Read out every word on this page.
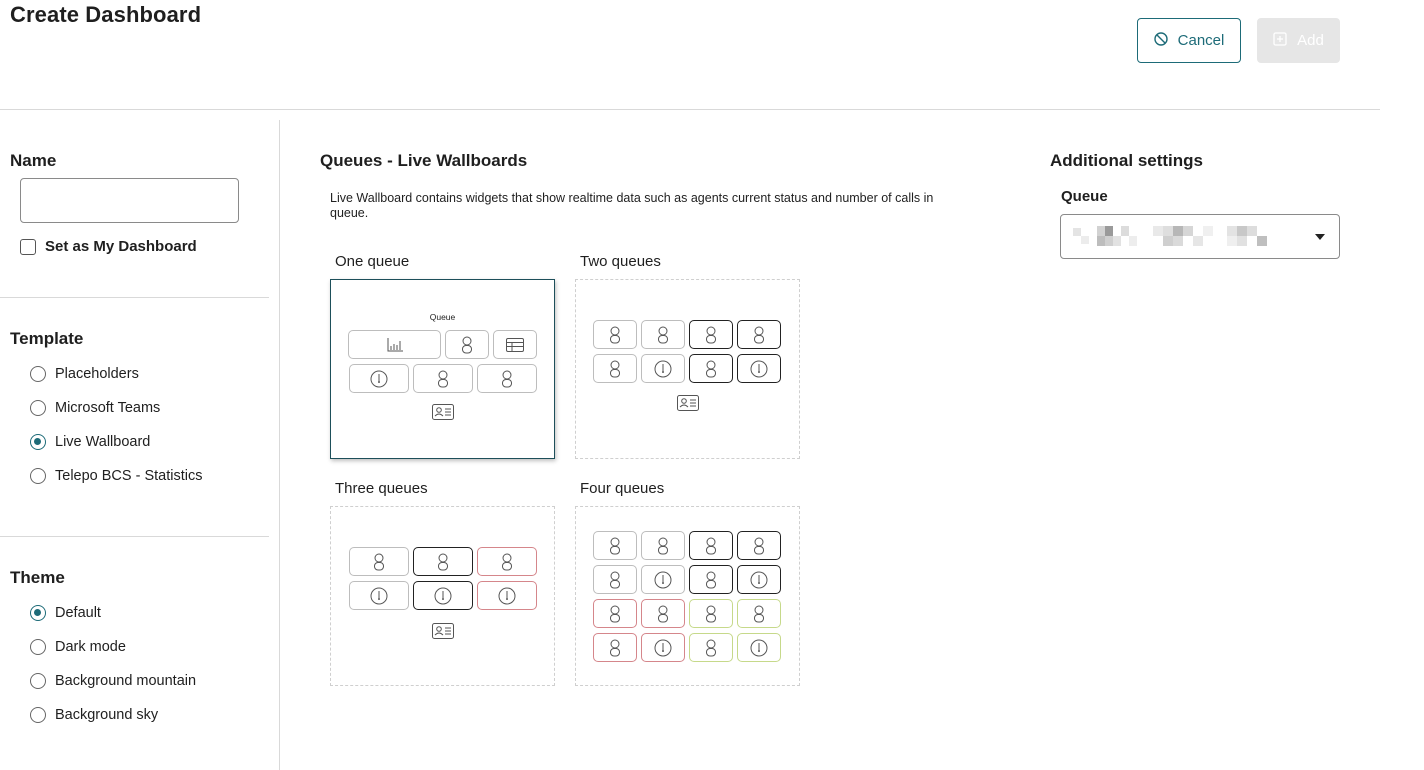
Create Dashboard
Cancel	Add
Name
Set as My Dashboard
Template
Placeholders
Microsoft Teams
Live Wallboard
Telepo BCS - Statistics
Theme
Default
Dark mode
Background mountain
Background sky
Queues - Live Wallboards
Live Wallboard contains widgets that show realtime data such as agents current status and number of calls in queue.
One queue	Two queues
Three queues	Four queues
Queue
Additional settings
Queue
